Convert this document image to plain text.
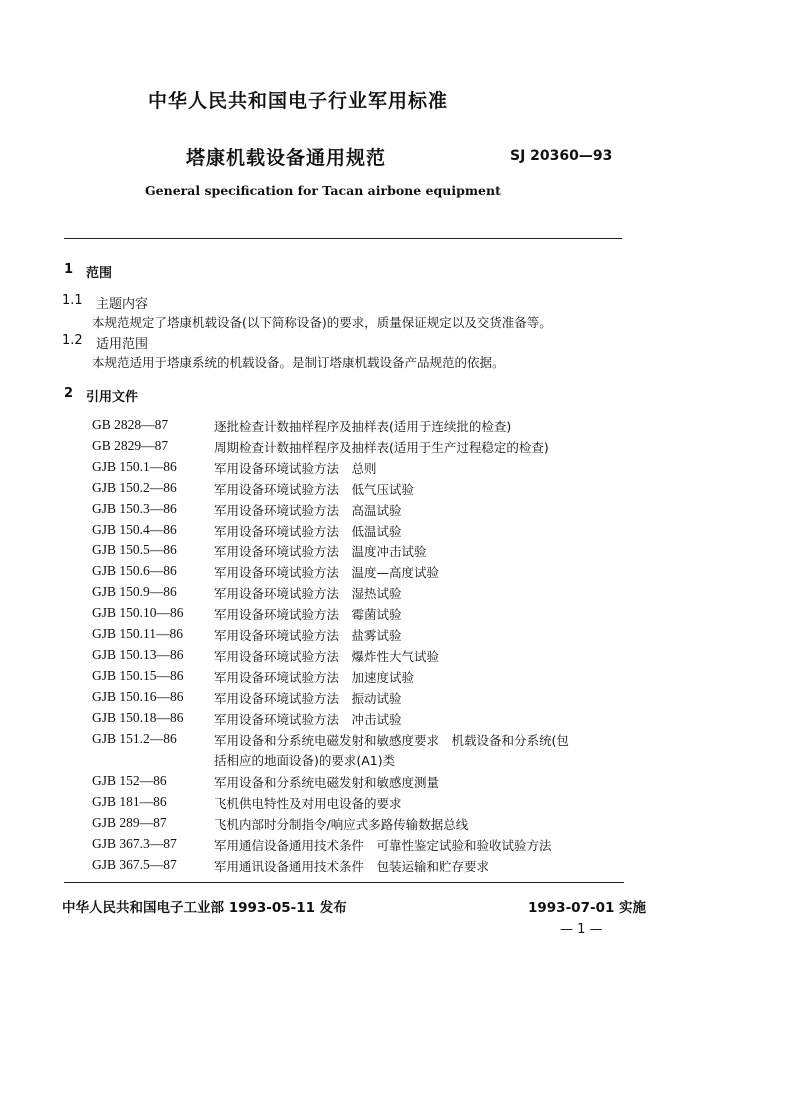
中华人民共和国电子行业军用标准
塔康机载设备通用规范	SJ 20360—93
General specification for Tacan airbone equipment
1 范围
1.1 主题内容
本规范规定了塔康机载设备(以下简称设备)的要求，质量保证规定以及交货准备等。
1.2 适用范围
本规范适用于塔康系统的机载设备。是制订塔康机载设备产品规范的依据。
2 引用文件
GB 2828—87	逐批检查计数抽样程序及抽样表(适用于连续批的检查)
GB 2829—87	周期检查计数抽样程序及抽样表(适用于生产过程稳定的检查)
GJB 150.1—86	军用设备环境试验方法　总则
GJB 150.2—86	军用设备环境试验方法　低气压试验
GJB 150.3—86	军用设备环境试验方法　高温试验
GJB 150.4—86	军用设备环境试验方法　低温试验
GJB 150.5—86	军用设备环境试验方法　温度冲击试验
GJB 150.6—86	军用设备环境试验方法　温度—高度试验
GJB 150.9—86	军用设备环境试验方法　湿热试验
GJB 150.10—86 军用设备环境试验方法　霉菌试验
GJB 150.11—86 军用设备环境试验方法　盐雾试验
GJB 150.13—86 军用设备环境试验方法　爆炸性大气试验
GJB 150.15—86 军用设备环境试验方法　加速度试验
GJB 150.16—86 军用设备环境试验方法　振动试验
GJB 150.18—86 军用设备环境试验方法　冲击试验
GJB 151.2—86	军用设备和分系统电磁发射和敏感度要求　机载设备和分系统(包
括相应的地面设备)的要求(A1)类
GJB 152—86	军用设备和分系统电磁发射和敏感度测量
GJB 181—86	飞机供电特性及对用电设备的要求
GJB 289—87	飞机内部时分制指令/响应式多路传输数据总线
GJB 367.3—87	军用通信设备通用技术条件　可靠性鉴定试验和验收试验方法
GJB 367.5—87	军用通讯设备通用技术条件　包装运输和贮存要求
中华人民共和国电子工业部 1993-05-11 发布	1993-07-01 实施
— 1 —
